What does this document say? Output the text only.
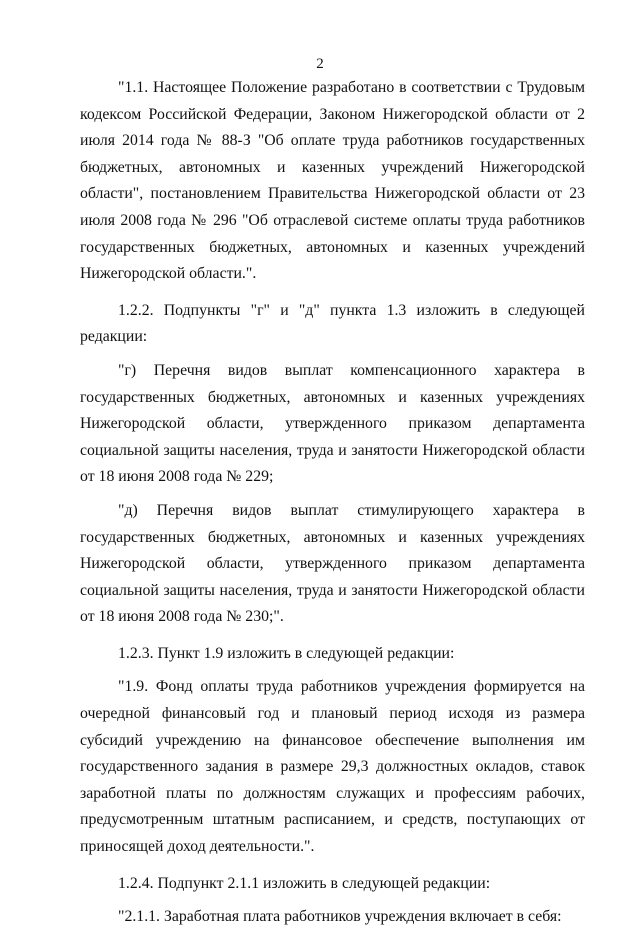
2

"1.1. Настоящее Положение разработано в соответствии с Трудовым кодексом Российской Федерации, Законом Нижегородской области от 2 июля 2014 года № 88-З "Об оплате труда работников государственных бюджетных, автономных и казенных учреждений Нижегородской области", постановлением Правительства Нижегородской области от 23 июля 2008 года № 296 "Об отраслевой системе оплаты труда работников государственных бюджетных, автономных и казенных учреждений Нижегородской области.".

1.2.2. Подпункты "г" и "д" пункта 1.3 изложить в следующей редакции:

"г) Перечня видов выплат компенсационного характера в государственных бюджетных, автономных и казенных учреждениях Нижегородской области, утвержденного приказом департамента социальной защиты населения, труда и занятости Нижегородской области от 18 июня 2008 года № 229;

"д) Перечня видов выплат стимулирующего характера в государственных бюджетных, автономных и казенных учреждениях Нижегородской области, утвержденного приказом департамента социальной защиты населения, труда и занятости Нижегородской области от 18 июня 2008 года № 230;".

1.2.3. Пункт 1.9 изложить в следующей редакции:

"1.9. Фонд оплаты труда работников учреждения формируется на очередной финансовый год и плановый период исходя из размера субсидий учреждению на финансовое обеспечение выполнения им государственного задания в размере 29,3 должностных окладов, ставок заработной платы по должностям служащих и профессиям рабочих, предусмотренным штатным расписанием, и средств, поступающих от приносящей доход деятельности.".

1.2.4. Подпункт 2.1.1 изложить в следующей редакции:

"2.1.1. Заработная плата работников учреждения включает в себя:
